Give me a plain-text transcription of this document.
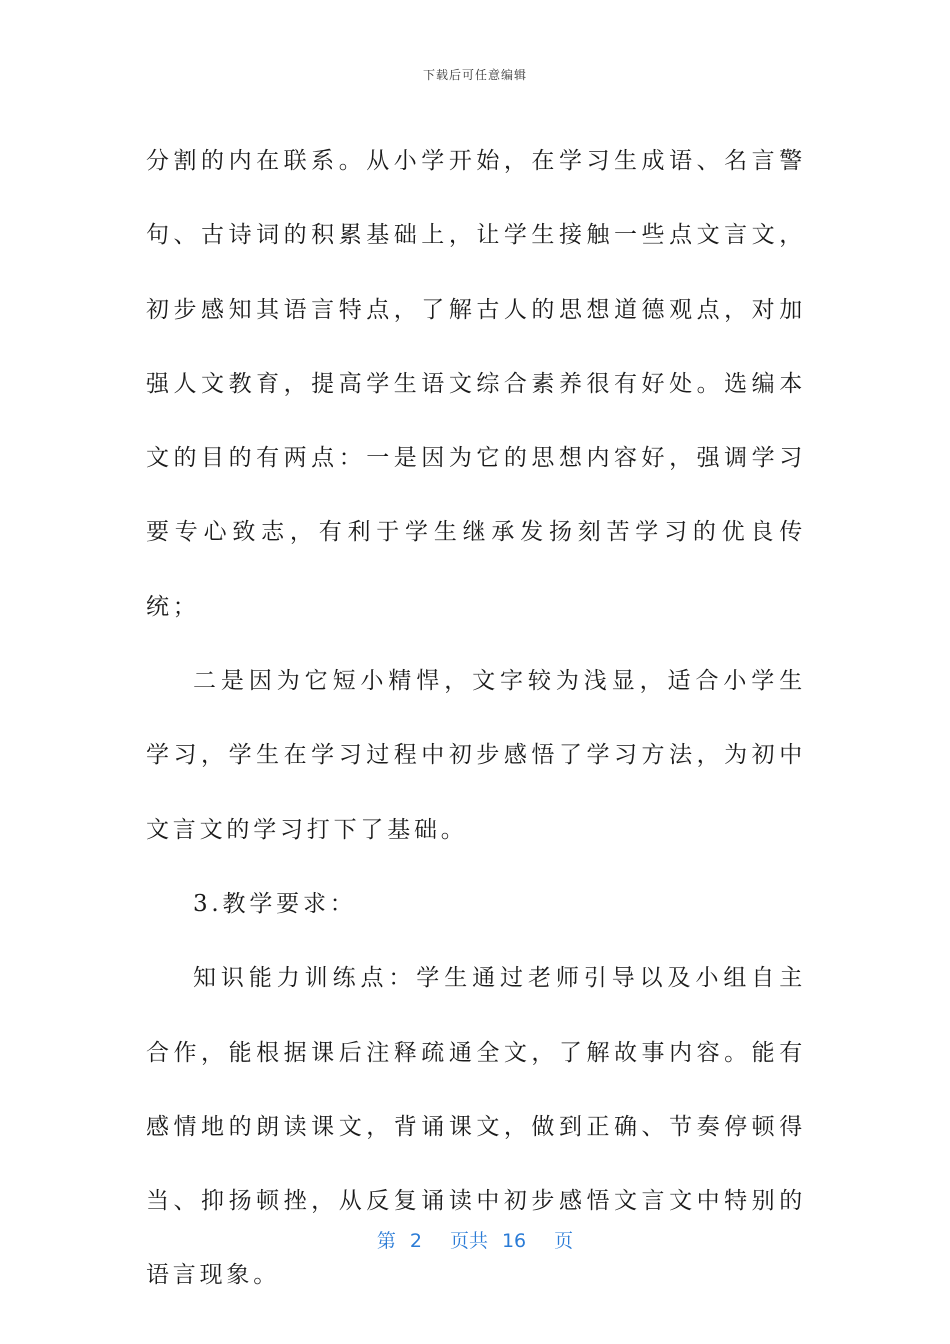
下载后可任意编辑

分割的内在联系。从小学开始，在学习生成语、名言警句、古诗词的积累基础上，让学生接触一些点文言文，初步感知其语言特点，了解古人的思想道德观点，对加强人文教育，提高学生语文综合素养很有好处。选编本文的目的有两点：一是因为它的思想内容好，强调学习要专心致志，有利于学生继承发扬刻苦学习的优良传统；

二是因为它短小精悍，文字较为浅显，适合小学生学习，学生在学习过程中初步感悟了学习方法，为初中文言文的学习打下了基础。

3.教学要求：

知识能力训练点：学生通过老师引导以及小组自主合作，能根据课后注释疏通全文，了解故事内容。能有感情地的朗读课文，背诵课文，做到正确、节奏停顿得当、抑扬顿挫，从反复诵读中初步感悟文言文中特别的语言现象。

第 2 页共 16 页
